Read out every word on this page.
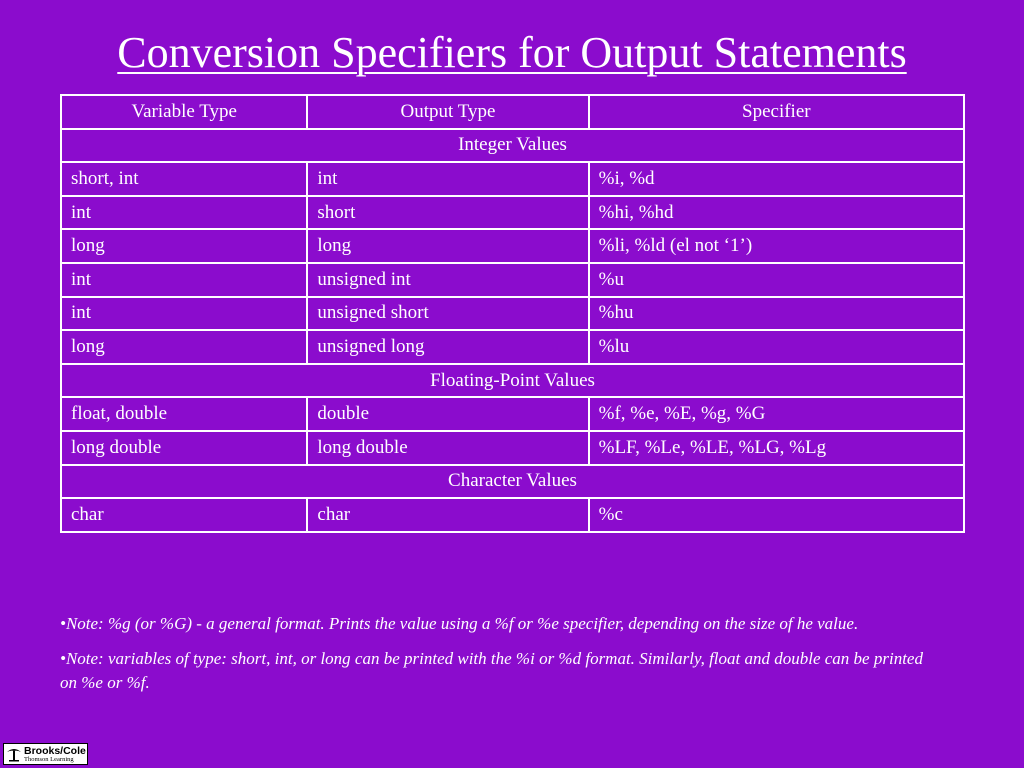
Conversion Specifiers for Output Statements
Variable Type	Output Type	Specifier
Integer Values		
short, int	int	%i, %d
int	short	%hi, %hd
long	long	%li, %ld (el not ‘1’)
int	unsigned int	%u
int	unsigned short	%hu
long	unsigned long	%lu
Floating-Point Values		
float, double	double	%f, %e, %E, %g, %G
long double	long double	%LF, %Le, %LE, %LG, %Lg
Character Values		
char	char	%c

•Note: %g (or %G) - a general format. Prints the value using a %f or %e specifier, depending on the size of he value.

•Note: variables of type: short, int, or long can be printed with the %i or %d format. Similarly, float and double can be printed on %e or %f.

Brooks/Cole
Thomson Learning
